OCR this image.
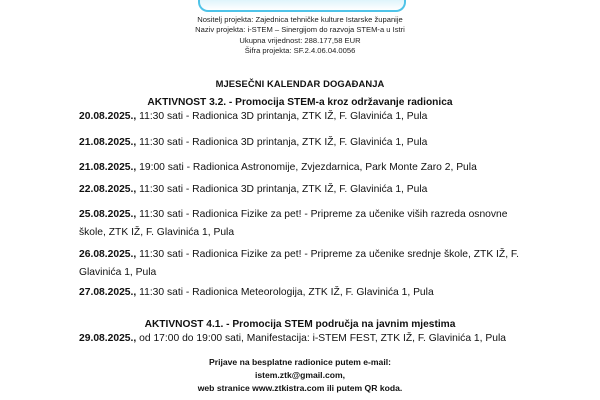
Nositelj projekta: Zajednica tehničke kulture Istarske županije
Naziv projekta: i-STEM – Sinergijom do razvoja STEM-a u Istri
Ukupna vrijednost: 288.177,58 EUR
Šifra projekta: SF.2.4.06.04.0056
MJESEČNI KALENDAR DOGAĐANJA
AKTIVNOST 3.2. - Promocija STEM-a kroz održavanje radionica
20.08.2025., 11:30 sati - Radionica 3D printanja, ZTK IŽ, F. Glavinića 1, Pula
21.08.2025., 11:30 sati - Radionica 3D printanja, ZTK IŽ, F. Glavinića 1, Pula
21.08.2025., 19:00 sati - Radionica Astronomije, Zvjezdarnica, Park Monte Zaro 2, Pula
22.08.2025., 11:30 sati - Radionica 3D printanja, ZTK IŽ, F. Glavinića 1, Pula
25.08.2025., 11:30 sati - Radionica Fizike za pet! - Pripreme za učenike viših razreda osnovne škole, ZTK IŽ, F. Glavinića 1, Pula
26.08.2025., 11:30 sati - Radionica Fizike za pet! - Pripreme za učenike srednje škole, ZTK IŽ, F. Glavinića 1, Pula
27.08.2025., 11:30 sati - Radionica Meteorologija, ZTK IŽ, F. Glavinića 1, Pula
AKTIVNOST 4.1. - Promocija STEM područja na javnim mjestima
29.08.2025., od 17:00 do 19:00 sati, Manifestacija: i-STEM FEST, ZTK IŽ, F. Glavinića 1, Pula
Prijave na besplatne radionice putem e-mail:
istem.ztk@gmail.com,
web stranice www.ztkistra.com ili putem QR koda.
